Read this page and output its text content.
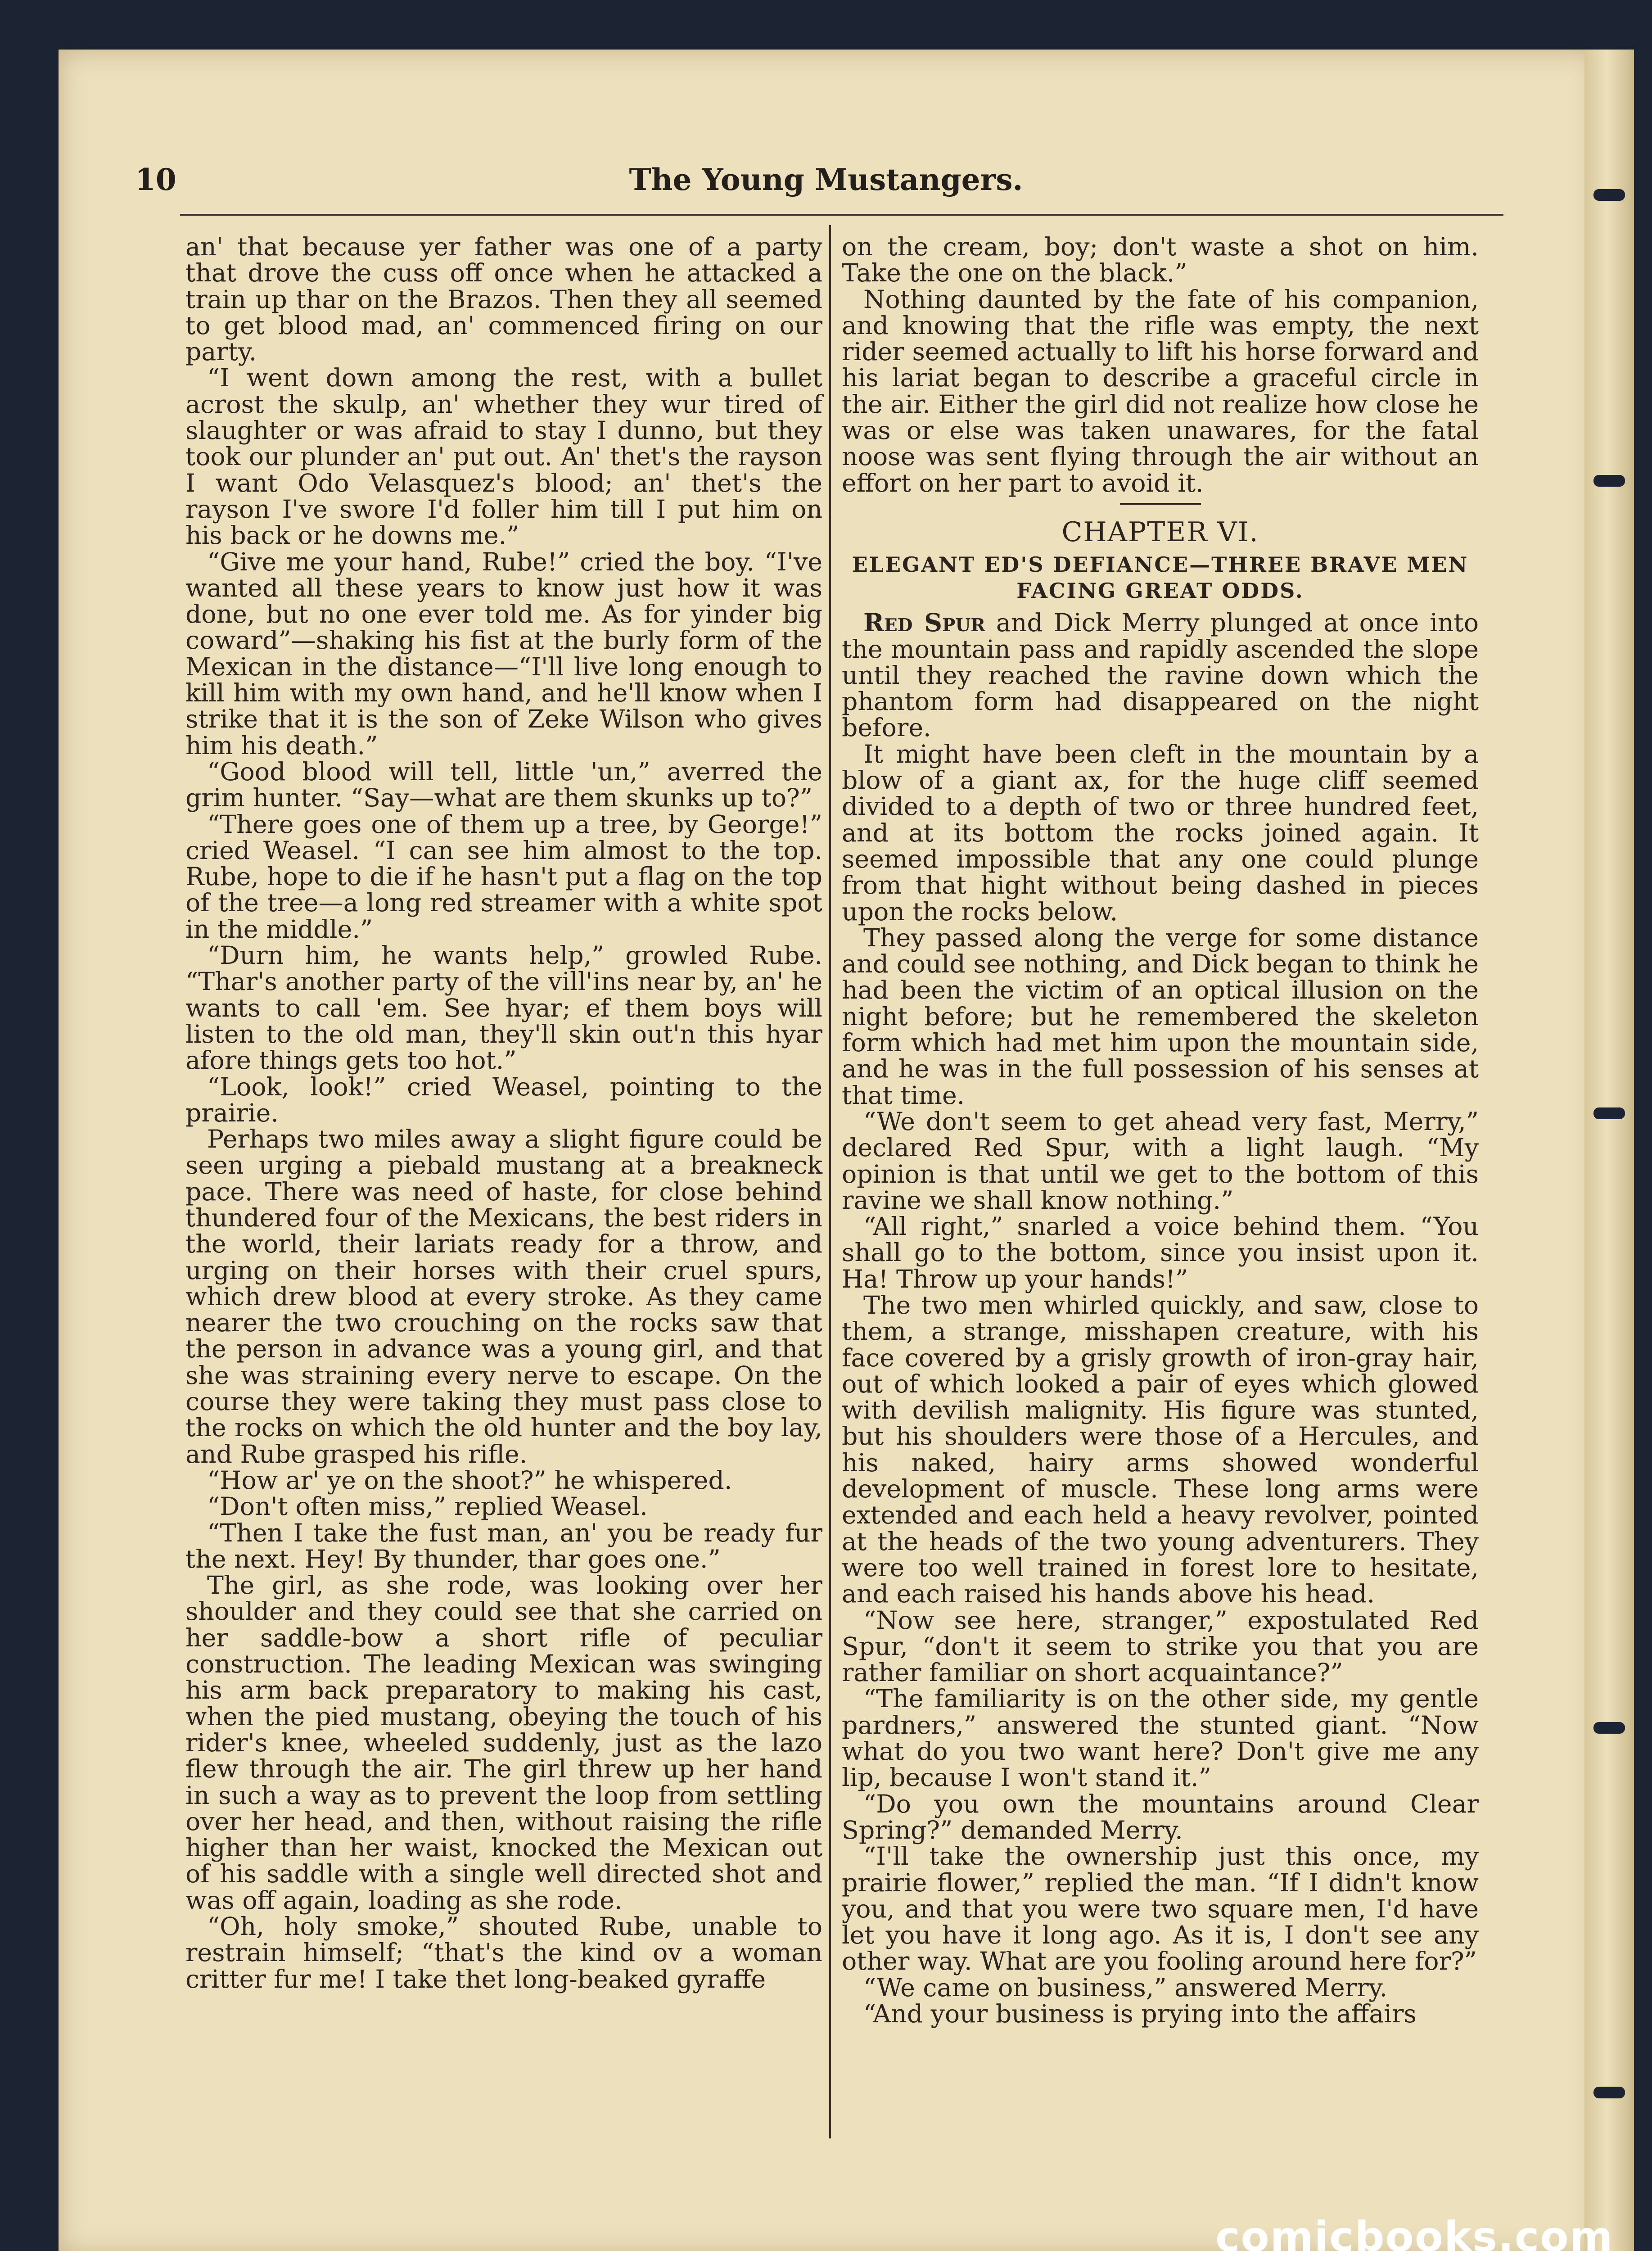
10	The Young Mustangers.

an' that because yer father was one of a party that drove the cuss off once when he attacked a train up thar on the Brazos. Then they all seemed to get blood mad, an' commenced firing on our party.

“I went down among the rest, with a bullet acrost the skulp, an' whether they wur tired of slaughter or was afraid to stay I dunno, but they took our plunder an' put out. An' thet's the rayson I want Odo Velasquez's blood; an' thet's the rayson I've swore I'd foller him till I put him on his back or he downs me.”

“Give me your hand, Rube!” cried the boy. “I've wanted all these years to know just how it was done, but no one ever told me. As for yinder big coward”—shaking his fist at the burly form of the Mexican in the distance—“I'll live long enough to kill him with my own hand, and he'll know when I strike that it is the son of Zeke Wilson who gives him his death.”

“Good blood will tell, little 'un,” averred the grim hunter. “Say—what are them skunks up to?”

“There goes one of them up a tree, by George!” cried Weasel. “I can see him almost to the top. Rube, hope to die if he hasn't put a flag on the top of the tree—a long red streamer with a white spot in the middle.”

“Durn him, he wants help,” growled Rube. “Thar's another party of the vill'ins near by, an' he wants to call 'em. See hyar; ef them boys will listen to the old man, they'll skin out'n this hyar afore things gets too hot.”

“Look, look!” cried Weasel, pointing to the prairie.

Perhaps two miles away a slight figure could be seen urging a piebald mustang at a breakneck pace. There was need of haste, for close behind thundered four of the Mexicans, the best riders in the world, their lariats ready for a throw, and urging on their horses with their cruel spurs, which drew blood at every stroke. As they came nearer the two crouching on the rocks saw that the person in advance was a young girl, and that she was straining every nerve to escape. On the course they were taking they must pass close to the rocks on which the old hunter and the boy lay, and Rube grasped his rifle.

“How ar' ye on the shoot?” he whispered.

“Don't often miss,” replied Weasel.

“Then I take the fust man, an' you be ready fur the next. Hey! By thunder, thar goes one.”

The girl, as she rode, was looking over her shoulder and they could see that she carried on her saddle-bow a short rifle of peculiar construction. The leading Mexican was swinging his arm back preparatory to making his cast, when the pied mustang, obeying the touch of his rider's knee, wheeled suddenly, just as the lazo flew through the air. The girl threw up her hand in such a way as to prevent the loop from settling over her head, and then, without raising the rifle higher than her waist, knocked the Mexican out of his saddle with a single well directed shot and was off again, loading as she rode.

“Oh, holy smoke,” shouted Rube, unable to restrain himself; “that's the kind ov a woman critter fur me! I take thet long-beaked gyraffe

on the cream, boy; don't waste a shot on him. Take the one on the black.”

Nothing daunted by the fate of his companion, and knowing that the rifle was empty, the next rider seemed actually to lift his horse forward and his lariat began to describe a graceful circle in the air. Either the girl did not realize how close he was or else was taken unawares, for the fatal noose was sent flying through the air without an effort on her part to avoid it.

CHAPTER VI.
ELEGANT ED'S DEFIANCE—THREE BRAVE MEN FACING GREAT ODDS.

Red Spur and Dick Merry plunged at once into the mountain pass and rapidly ascended the slope until they reached the ravine down which the phantom form had disappeared on the night before.

It might have been cleft in the mountain by a blow of a giant ax, for the huge cliff seemed divided to a depth of two or three hundred feet, and at its bottom the rocks joined again. It seemed impossible that any one could plunge from that hight without being dashed in pieces upon the rocks below.

They passed along the verge for some distance and could see nothing, and Dick began to think he had been the victim of an optical illusion on the night before; but he remembered the skeleton form which had met him upon the mountain side, and he was in the full possession of his senses at that time.

“We don't seem to get ahead very fast, Merry,” declared Red Spur, with a light laugh. “My opinion is that until we get to the bottom of this ravine we shall know nothing.”

“All right,” snarled a voice behind them. “You shall go to the bottom, since you insist upon it. Ha! Throw up your hands!”

The two men whirled quickly, and saw, close to them, a strange, misshapen creature, with his face covered by a grisly growth of iron-gray hair, out of which looked a pair of eyes which glowed with devilish malignity. His figure was stunted, but his shoulders were those of a Hercules, and his naked, hairy arms showed wonderful development of muscle. These long arms were extended and each held a heavy revolver, pointed at the heads of the two young adventurers. They were too well trained in forest lore to hesitate, and each raised his hands above his head.

“Now see here, stranger,” expostulated Red Spur, “don't it seem to strike you that you are rather familiar on short acquaintance?”

“The familiarity is on the other side, my gentle pardners,” answered the stunted giant. “Now what do you two want here? Don't give me any lip, because I won't stand it.”

“Do you own the mountains around Clear Spring?” demanded Merry.

“I'll take the ownership just this once, my prairie flower,” replied the man. “If I didn't know you, and that you were two square men, I'd have let you have it long ago. As it is, I don't see any other way. What are you fooling around here for?”

“We came on business,” answered Merry.

“And your business is prying into the affairs

comicbooks.com
